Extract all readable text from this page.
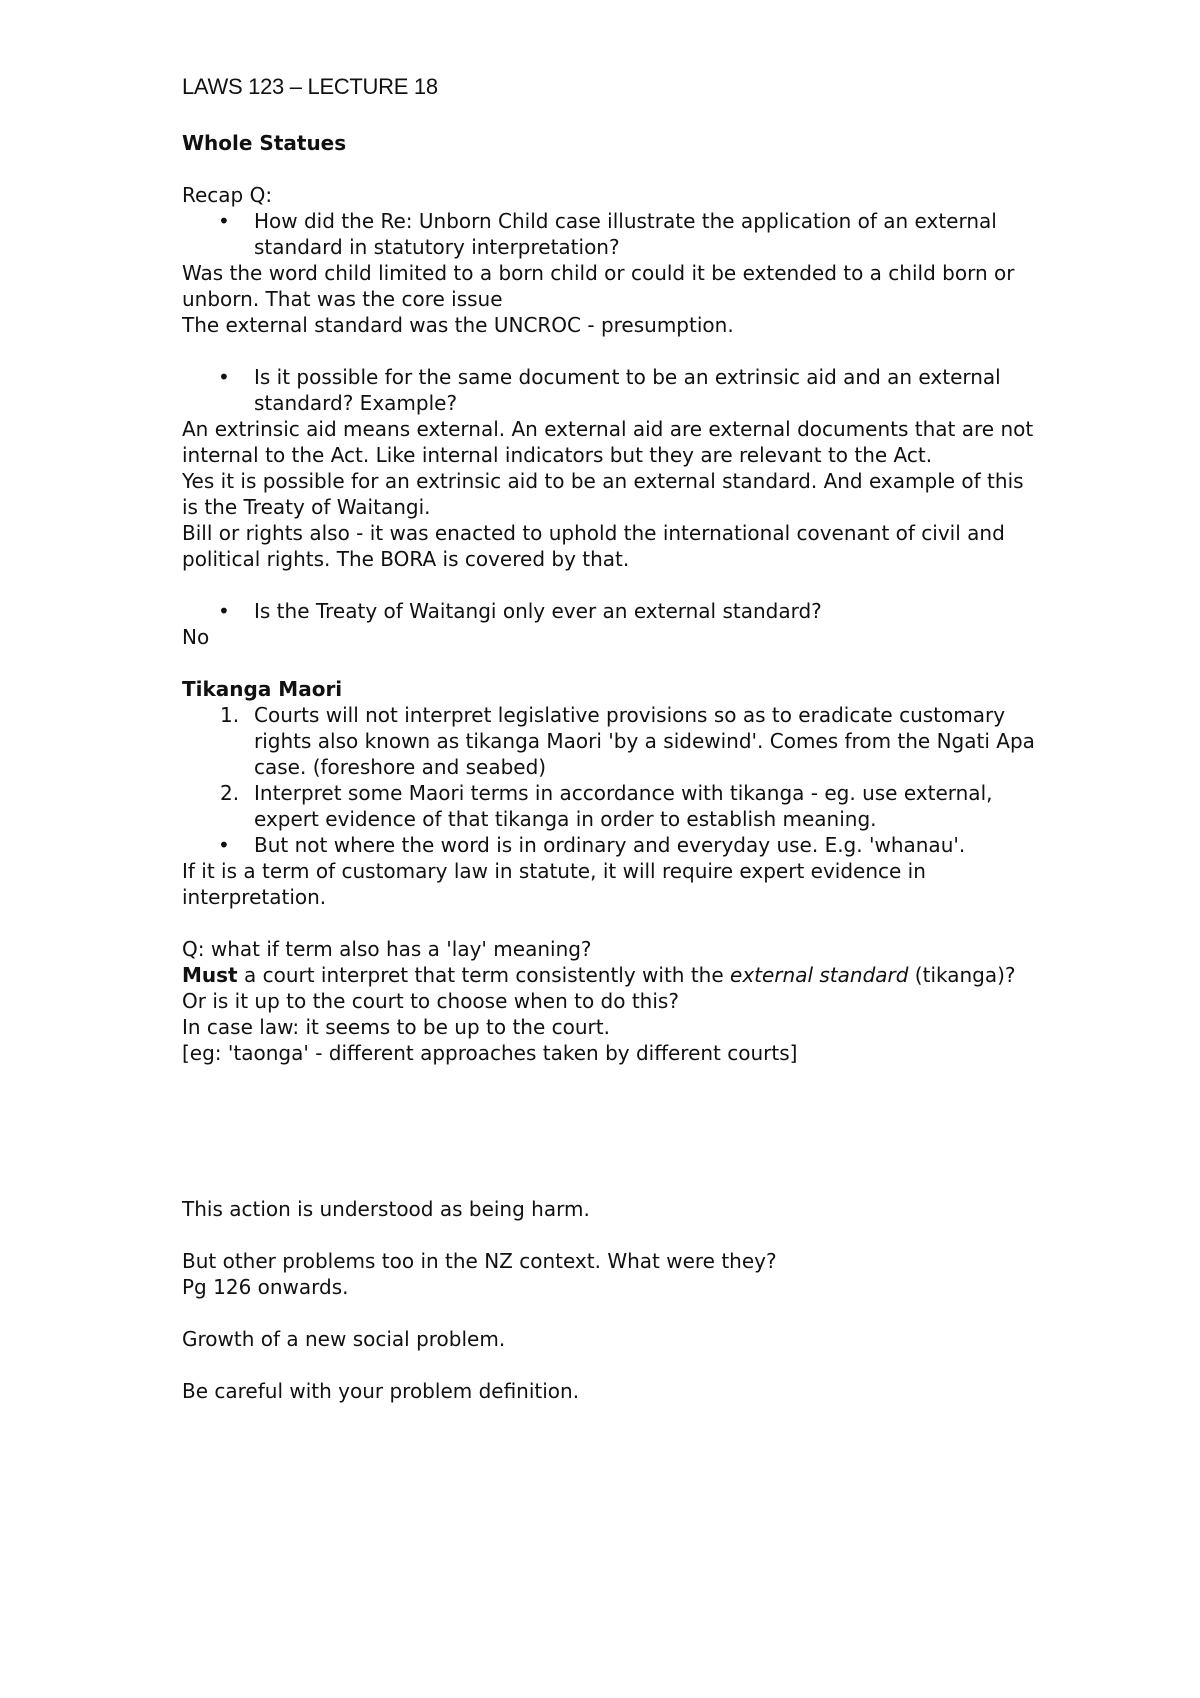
LAWS 123 – LECTURE 18

Whole Statues

Recap Q:

• How did the Re: Unborn Child case illustrate the application of an external standard in statutory interpretation?

Was the word child limited to a born child or could it be extended to a child born or unborn. That was the core issue

The external standard was the UNCROC - presumption.

• Is it possible for the same document to be an extrinsic aid and an external standard? Example?

An extrinsic aid means external. An external aid are external documents that are not internal to the Act. Like internal indicators but they are relevant to the Act.

Yes it is possible for an extrinsic aid to be an external standard. And example of this is the Treaty of Waitangi.

Bill or rights also - it was enacted to uphold the international covenant of civil and political rights. The BORA is covered by that.

• Is the Treaty of Waitangi only ever an external standard?

No

Tikanga Maori

1. Courts will not interpret legislative provisions so as to eradicate customary rights also known as tikanga Maori 'by a sidewind'. Comes from the Ngati Apa case. (foreshore and seabed)
2. Interpret some Maori terms in accordance with tikanga - eg. use external, expert evidence of that tikanga in order to establish meaning.
• But not where the word is in ordinary and everyday use. E.g. 'whanau'.

If it is a term of customary law in statute, it will require expert evidence in interpretation.

Q: what if term also has a 'lay' meaning?

Must a court interpret that term consistently with the external standard (tikanga)? Or is it up to the court to choose when to do this?

In case law: it seems to be up to the court.

[eg: 'taonga' - different approaches taken by different courts]

This action is understood as being harm.

But other problems too in the NZ context. What were they?

Pg 126 onwards.

Growth of a new social problem.

Be careful with your problem definition.
